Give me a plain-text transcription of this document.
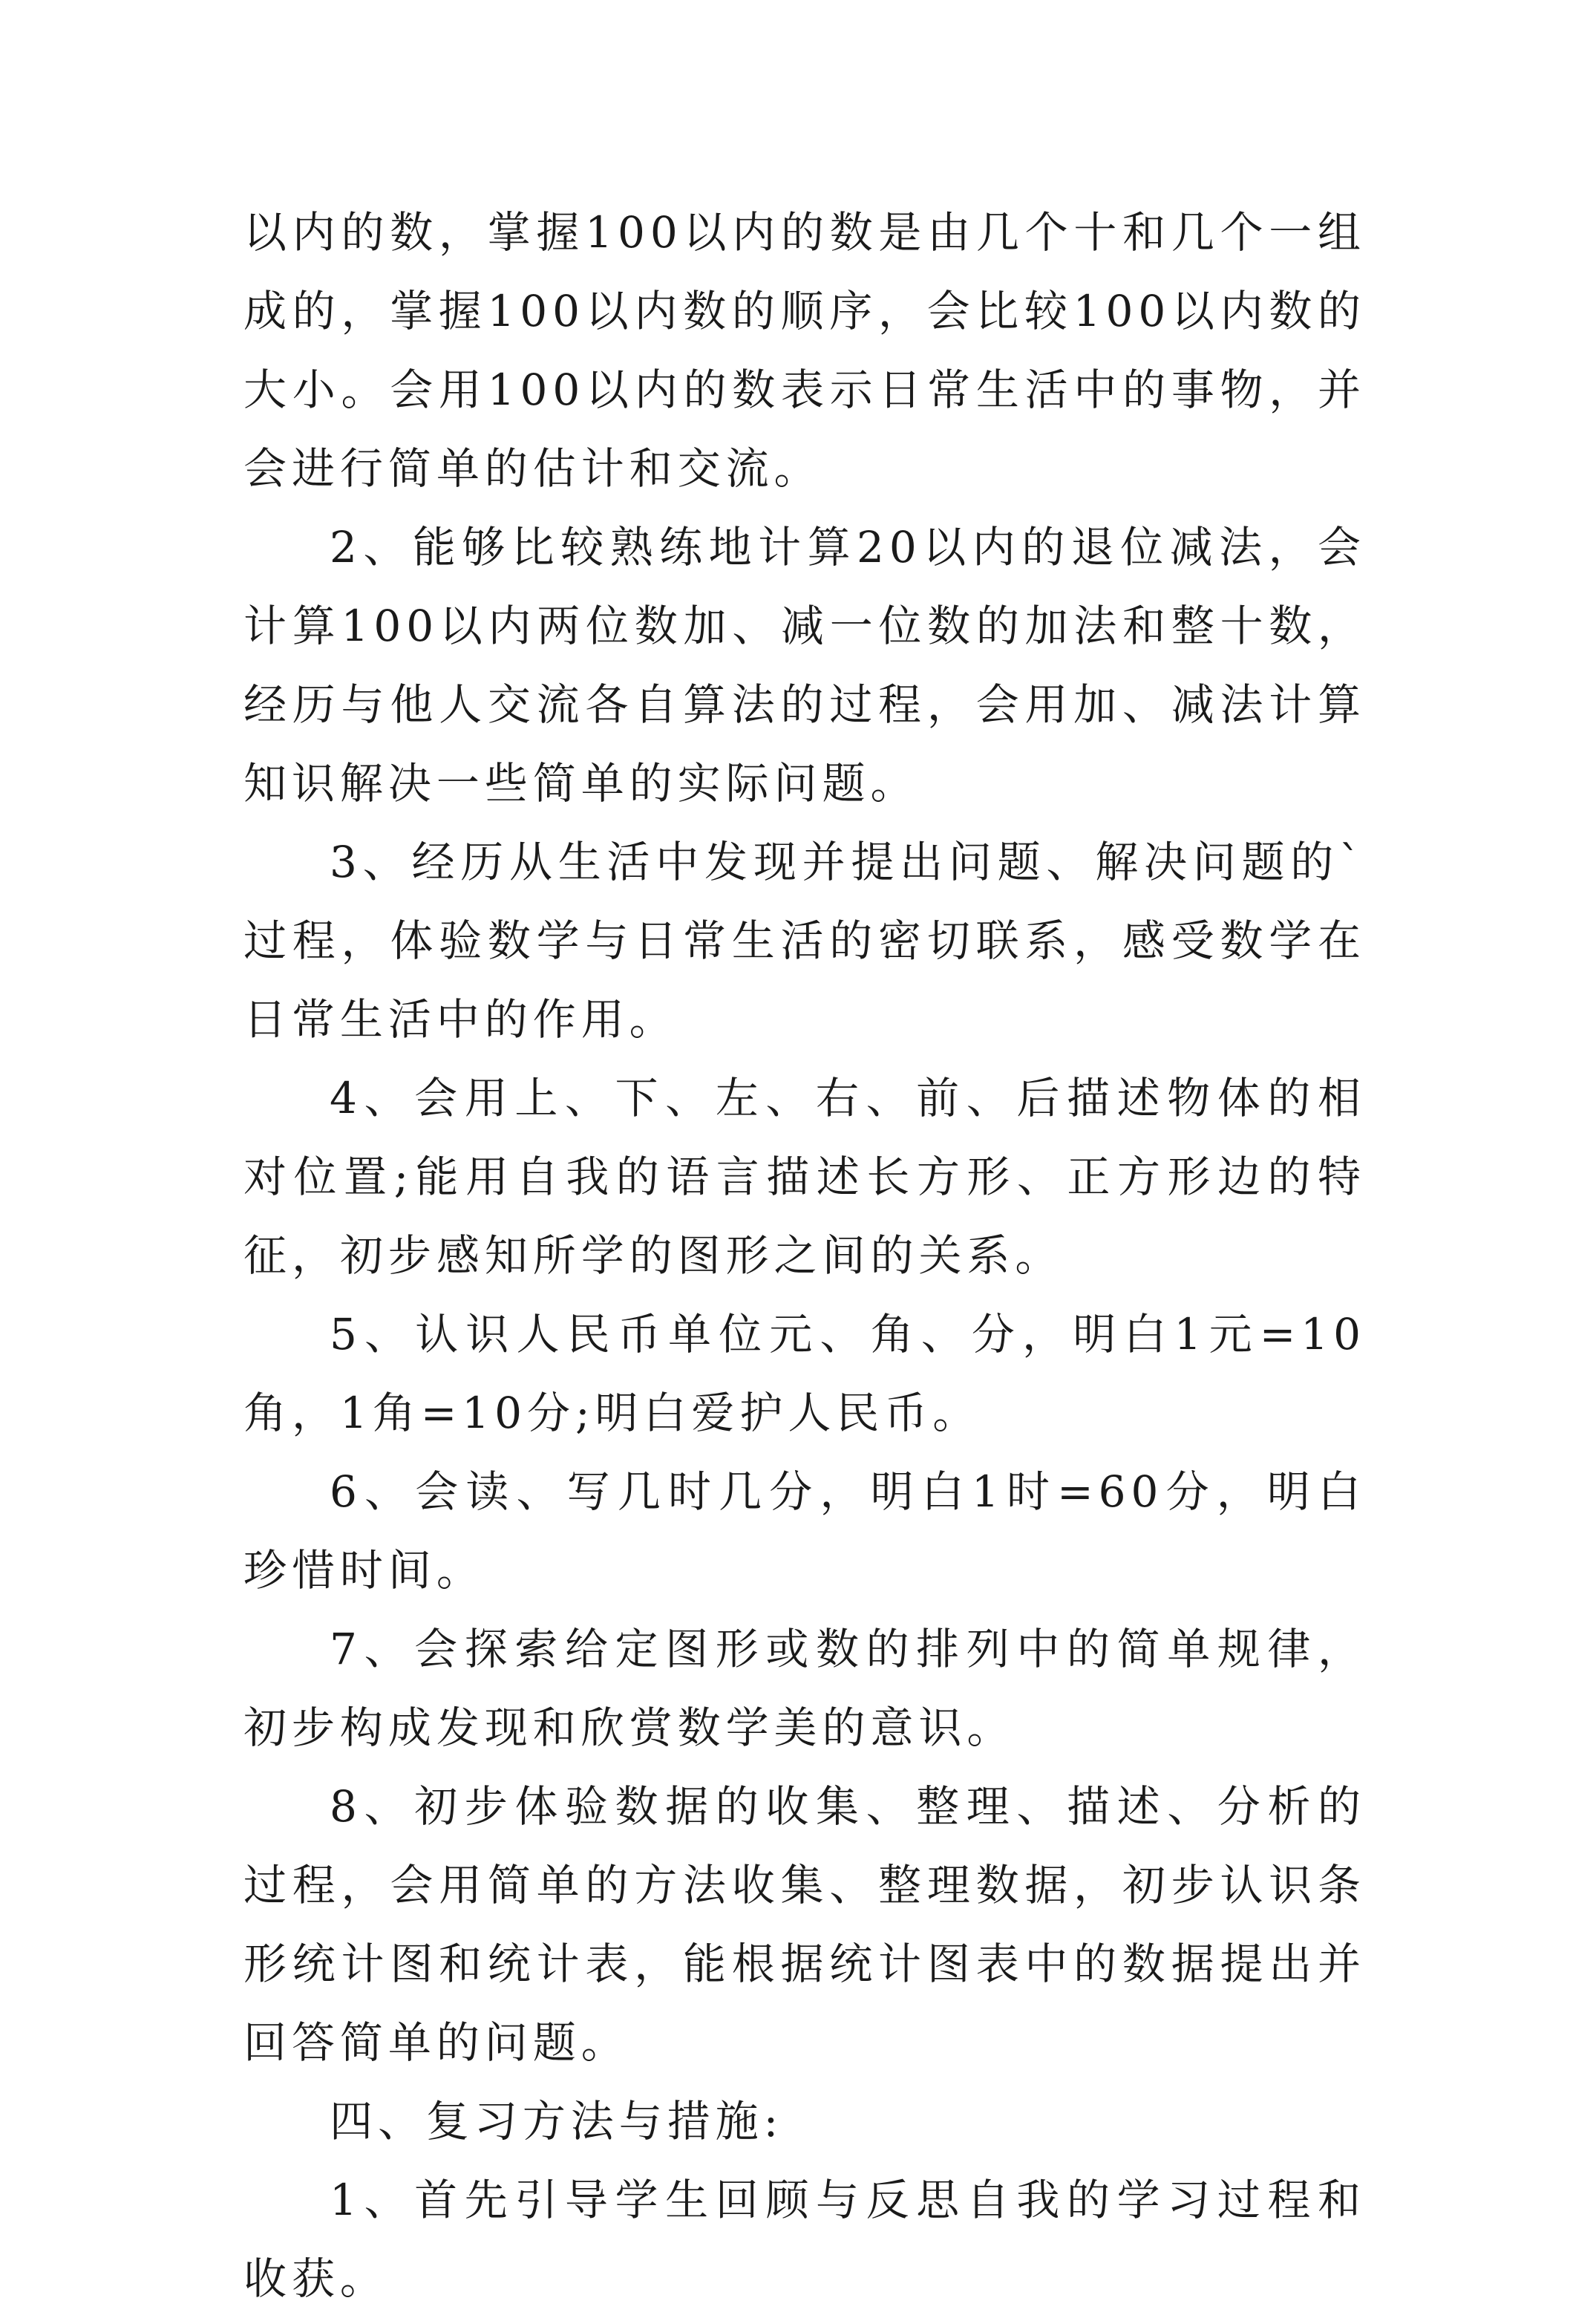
以内的数，掌握100以内的数是由几个十和几个一组成的，掌握100以内数的顺序，会比较100以内数的大小。会用100以内的数表示日常生活中的事物，并会进行简单的估计和交流。

2、能够比较熟练地计算20以内的退位减法，会计算100以内两位数加、减一位数的加法和整十数，经历与他人交流各自算法的过程，会用加、减法计算知识解决一些简单的实际问题。

3、经历从生活中发现并提出问题、解决问题的`过程，体验数学与日常生活的密切联系，感受数学在日常生活中的作用。

4、会用上、下、左、右、前、后描述物体的相对位置;能用自我的语言描述长方形、正方形边的特征，初步感知所学的图形之间的关系。

5、认识人民币单位元、角、分，明白1元=10角，1角=10分;明白爱护人民币。

6、会读、写几时几分，明白1时=60分，明白珍惜时间。

7、会探索给定图形或数的排列中的简单规律，初步构成发现和欣赏数学美的意识。

8、初步体验数据的收集、整理、描述、分析的过程，会用简单的方法收集、整理数据，初步认识条形统计图和统计表，能根据统计图表中的数据提出并回答简单的问题。

四、复习方法与措施:

1、首先引导学生回顾与反思自我的学习过程和收获。
